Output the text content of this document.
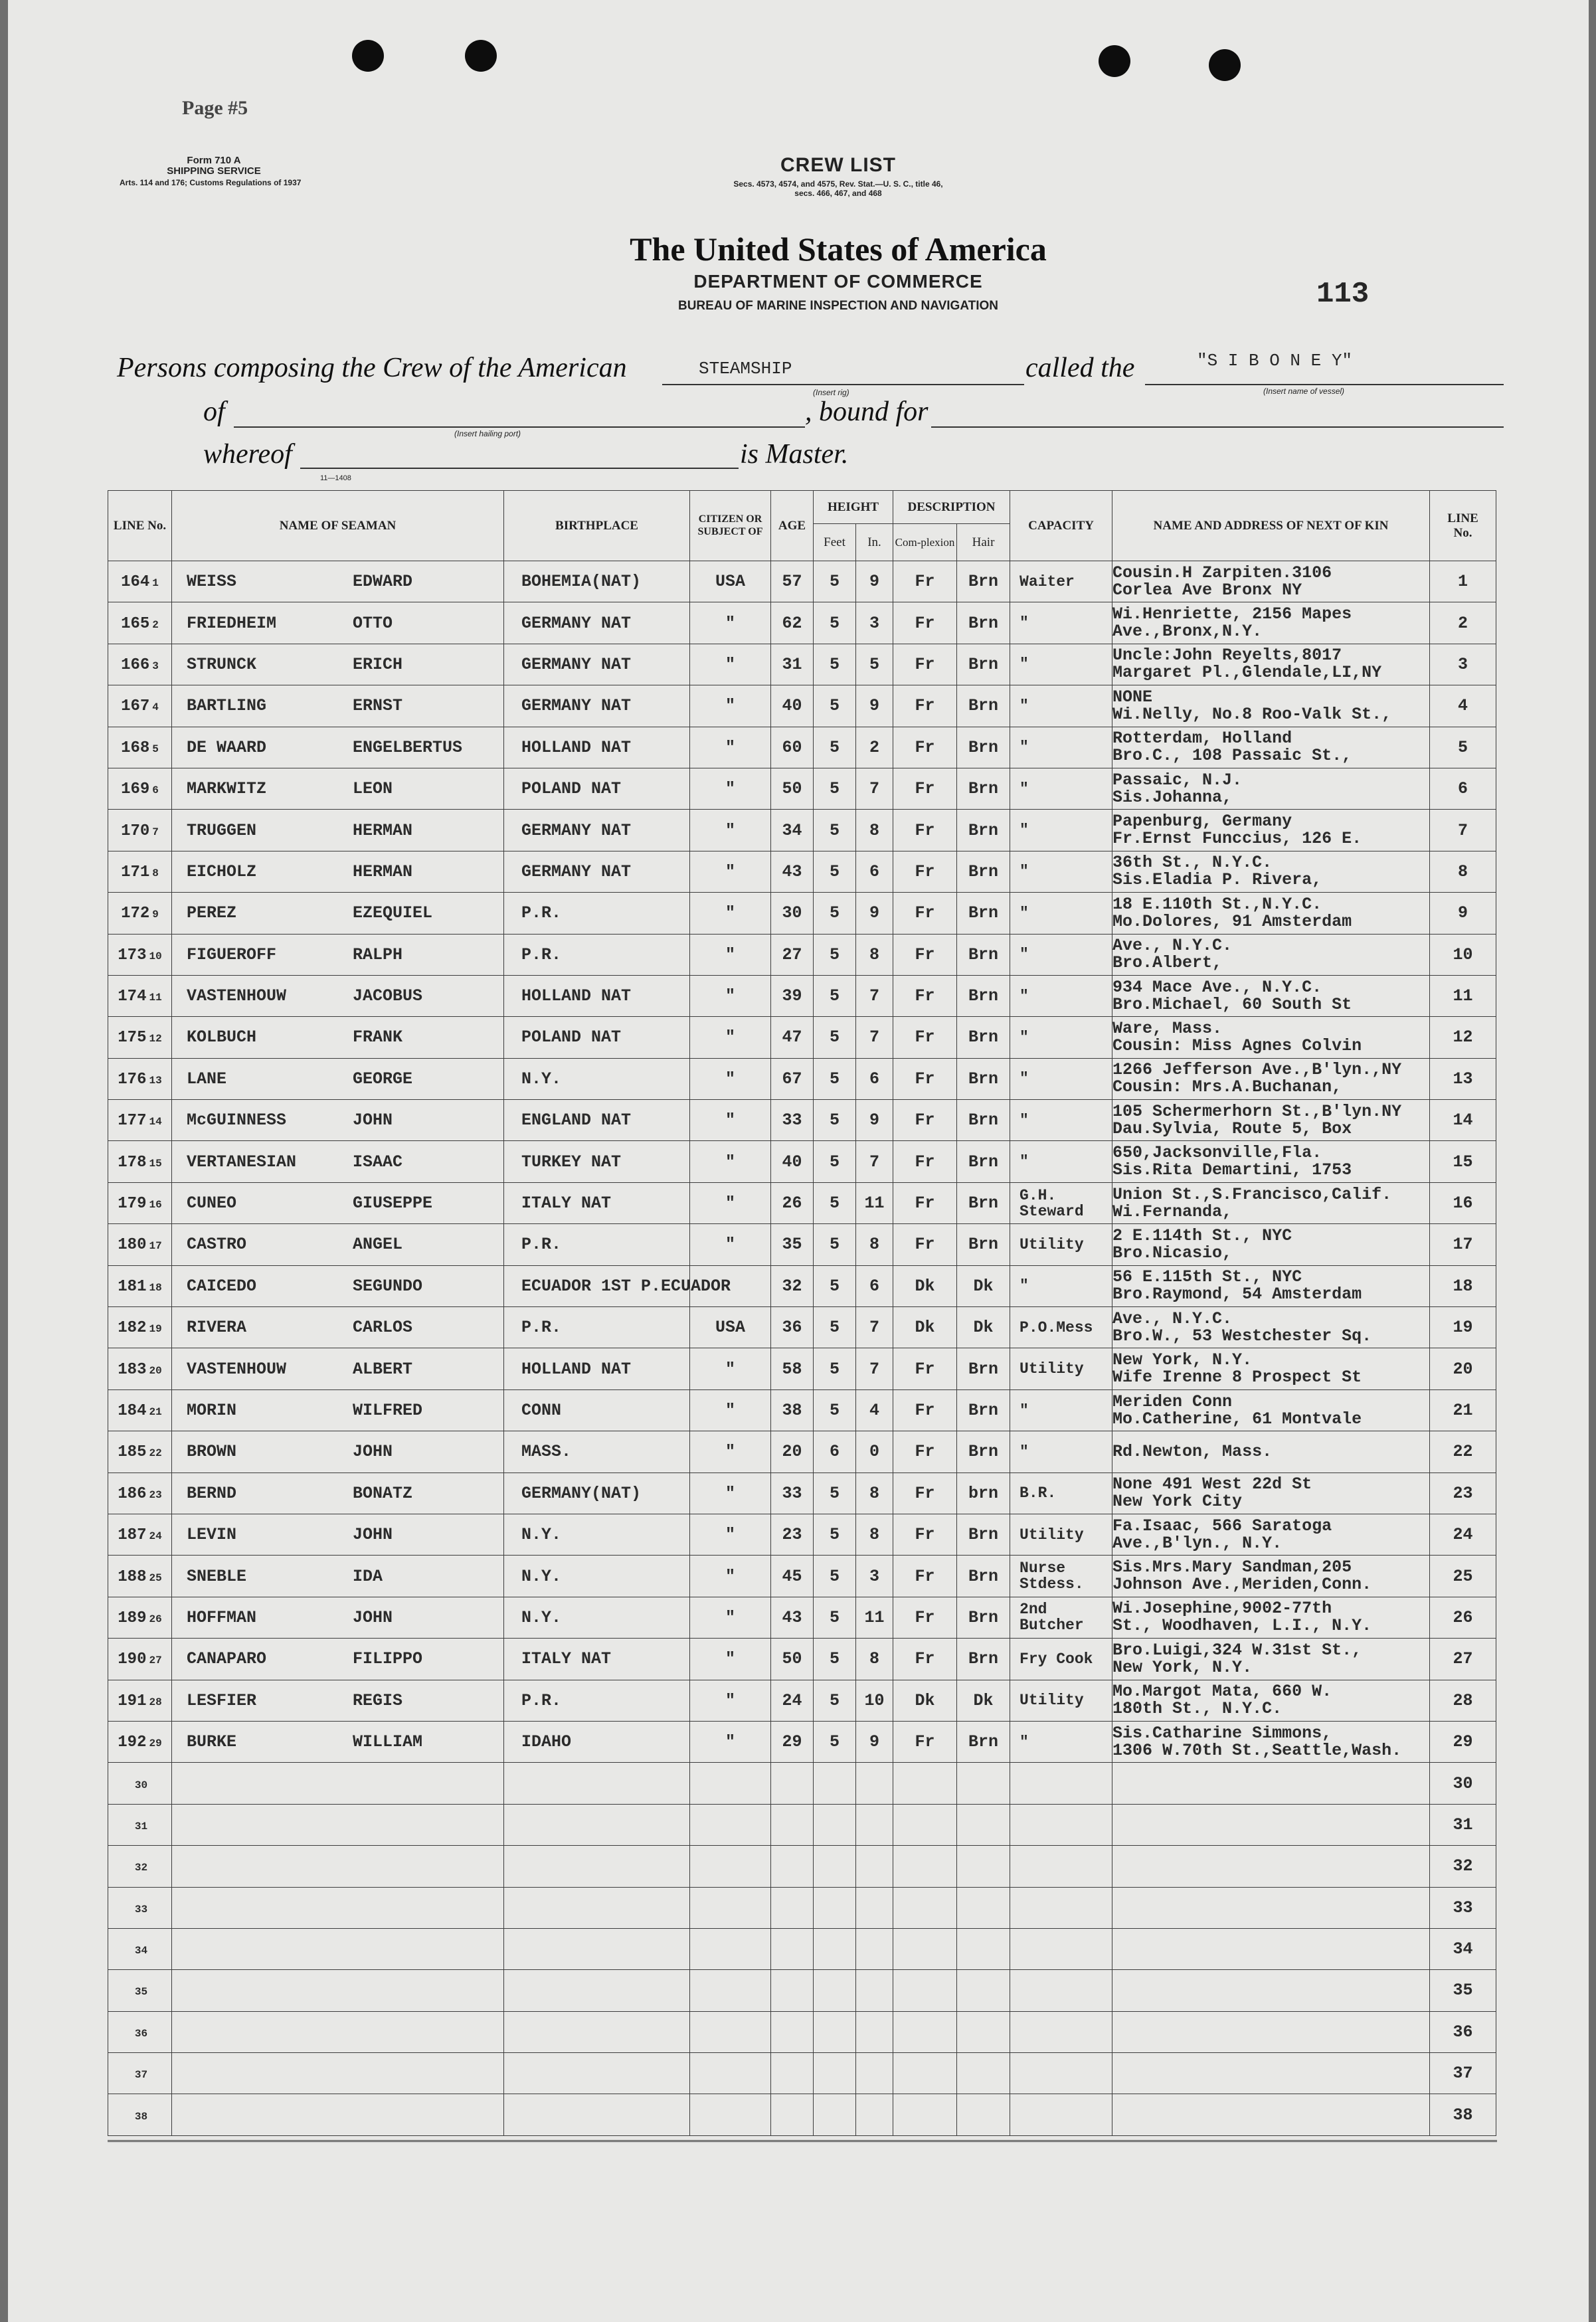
Page #5
Form 710 A
SHIPPING SERVICE
Arts. 114 and 176; Customs Regulations of 1937
CREW LIST
Secs. 4573, 4574, and 4575, Rev. Stat.—U. S. C., title 46,
secs. 466, 467, and 468
The United States of America
DEPARTMENT OF COMMERCE
BUREAU OF MARINE INSPECTION AND NAVIGATION	113
Persons composing the Crew of the American	STEAMSHIP
(Insert rig)
called the	"S I B O N E Y"
(Insert name of vessel)
of
(Insert hailing port)
, bound for
whereof	is Master.
11—1408
LINE No.	NAME OF SEAMAN	BIRTHPLACE	CITIZEN OR SUBJECT OF	AGE	HEIGHT		DESCRIPTION		CAPACITY	NAME AND ADDRESS OF NEXT OF KIN	LINE No.
					Feet	In.	Com-plexion	Hair			
164 1	WEISS EDWARD	BOHEMIA(NAT)	USA	57	5	9	Fr	Brn	Waiter	Cousin.H Zarpiten.3106
Corlea Ave Bronx NY	1
165 2	FRIEDHEIM OTTO	GERMANY NAT	"	62	5	3	Fr	Brn	"	Wi.Henriette, 2156 Mapes
Ave.,Bronx,N.Y.	2
166 3	STRUNCK ERICH	GERMANY NAT	"	31	5	5	Fr	Brn	"	Uncle:John Reyelts,8017
Margaret Pl.,Glendale,LI,NY	3
167 4	BARTLING ERNST	GERMANY NAT	"	40	5	9	Fr	Brn	"	NONE
Wi.Nelly, No.8 Roo-Valk St.,	4
168 5	DE WAARD ENGELBERTUS	HOLLAND NAT	"	60	5	2	Fr	Brn	"	Rotterdam, Holland
Bro.C., 108 Passaic St.,	5
169 6	MARKWITZ LEON	POLAND NAT	"	50	5	7	Fr	Brn	"	Passaic, N.J.
Sis.Johanna,	6
170 7	TRUGGEN HERMAN	GERMANY NAT	"	34	5	8	Fr	Brn	"	Papenburg, Germany
Fr.Ernst Funccius, 126 E.	7
171 8	EICHOLZ HERMAN	GERMANY NAT	"	43	5	6	Fr	Brn	"	36th St., N.Y.C.
Sis.Eladia P. Rivera,	8
172 9	PEREZ EZEQUIEL	P.R.	"	30	5	9	Fr	Brn	"	18 E.110th St.,N.Y.C.
Mo.Dolores, 91 Amsterdam	9
173 10	FIGUEROFF RALPH	P.R.	"	27	5	8	Fr	Brn	"	Ave., N.Y.C.
Bro.Albert,	10
174 11	VASTENHOUW JACOBUS	HOLLAND NAT	"	39	5	7	Fr	Brn	"	934 Mace Ave., N.Y.C.
Bro.Michael, 60 South St	11
175 12	KOLBUCH FRANK	POLAND NAT	"	47	5	7	Fr	Brn	"	Ware, Mass.
Cousin: Miss Agnes Colvin	12
176 13	LANE GEORGE	N.Y.	"	67	5	6	Fr	Brn	"	1266 Jefferson Ave.,B'lyn.,NY
Cousin: Mrs.A.Buchanan,	13
177 14	McGUINNESS JOHN	ENGLAND NAT	"	33	5	9	Fr	Brn	"	105 Schermerhorn St.,B'lyn.NY
Dau.Sylvia, Route 5, Box	14
178 15	VERTANESIAN ISAAC	TURKEY NAT	"	40	5	7	Fr	Brn	"	650,Jacksonville,Fla.
Sis.Rita Demartini, 1753	15
179 16	CUNEO GIUSEPPE	ITALY NAT	"	26	5	11	Fr	Brn	G.H. Steward	Union St.,S.Francisco,Calif.
Wi.Fernanda,	16
180 17	CASTRO ANGEL	P.R.	"	35	5	8	Fr	Brn	Utility	2 E.114th St., NYC
Bro.Nicasio,	17
181 18	CAICEDO SEGUNDO	ECUADOR 1ST P.ECUADOR		32	5	6	Dk	Dk	"	56 E.115th St., NYC
Bro.Raymond, 54 Amsterdam	18
182 19	RIVERA CARLOS	P.R.	USA	36	5	7	Dk	Dk	P.O.Mess	Ave., N.Y.C.
Bro.W., 53 Westchester Sq.	19
183 20	VASTENHOUW ALBERT	HOLLAND NAT	"	58	5	7	Fr	Brn	Utility	New York, N.Y.
Wife Irenne 8 Prospect St	20
184 21	MORIN WILFRED	CONN	"	38	5	4	Fr	Brn	"	Meriden Conn
Mo.Catherine, 61 Montvale	21
185 22	BROWN JOHN	MASS.	"	20	6	0	Fr	Brn	"	Rd.Newton, Mass.	22
186 23	BERND BONATZ	GERMANY(NAT)	"	33	5	8	Fr	brn	B.R.	None 491 West 22d St
New York City	23
187 24	LEVIN JOHN	N.Y.	"	23	5	8	Fr	Brn	Utility	Fa.Isaac, 566 Saratoga
Ave.,B'lyn., N.Y.	24
188 25	SNEBLE IDA	N.Y.	"	45	5	3	Fr	Brn	Nurse Stdess.	Sis.Mrs.Mary Sandman,205
Johnson Ave.,Meriden,Conn.	25
189 26	HOFFMAN JOHN	N.Y.	"	43	5	11	Fr	Brn	2nd Butcher	Wi.Josephine,9002-77th
St., Woodhaven, L.I., N.Y.	26
190 27	CANAPARO FILIPPO	ITALY NAT	"	50	5	8	Fr	Brn	Fry Cook	Bro.Luigi,324 W.31st St.,
New York, N.Y.	27
191 28	LESFIER REGIS	P.R.	"	24	5	10	Dk	Dk	Utility	Mo.Margot Mata, 660 W.
180th St., N.Y.C.	28
192 29	BURKE WILLIAM	IDAHO	"	29	5	9	Fr	Brn	"	Sis.Catharine Simmons,
1306 W.70th St.,Seattle,Wash.	29
30											30
31											31
32											32
33											33
34											34
35											35
36											36
37											37
38											38
